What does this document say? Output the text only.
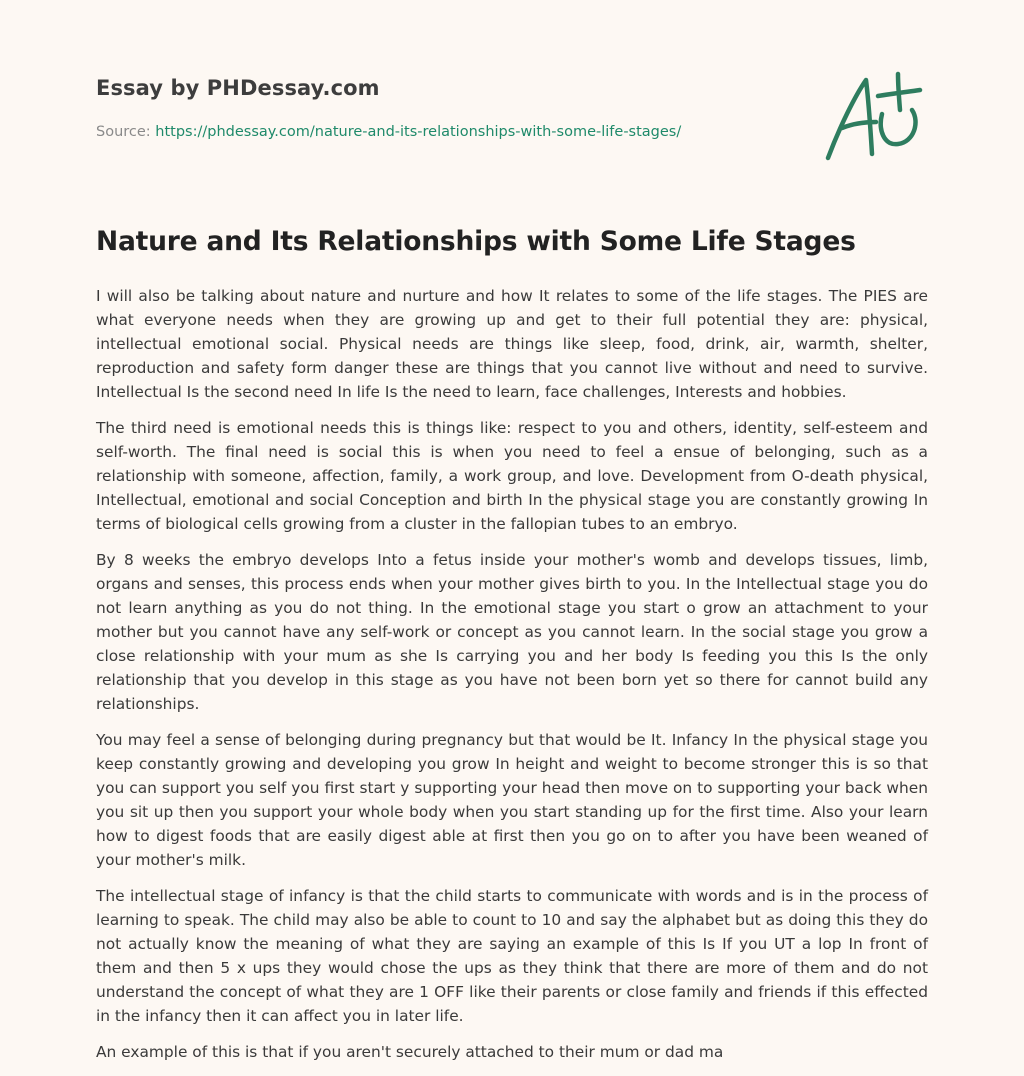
Essay by PHDessay.com
Source: https://phdessay.com/nature-and-its-relationships-with-some-life-stages/
Nature and Its Relationships with Some Life Stages

I will also be talking about nature and nurture and how It relates to some of the life stages. The PIES are what everyone needs when they are growing up and get to their full potential they are: physical, intellectual emotional social. Physical needs are things like sleep, food, drink, air, warmth, shelter, reproduction and safety form danger these are things that you cannot live without and need to survive. Intellectual Is the second need In life Is the need to learn, face challenges, Interests and hobbies.

The third need is emotional needs this is things like: respect to you and others, identity, self-esteem and self-worth. The final need is social this is when you need to feel a ensue of belonging, such as a relationship with someone, affection, family, a work group, and love. Development from O-death physical, Intellectual, emotional and social Conception and birth In the physical stage you are constantly growing In terms of biological cells growing from a cluster in the fallopian tubes to an embryo.

By 8 weeks the embryo develops Into a fetus inside your mother's womb and develops tissues, limb, organs and senses, this process ends when your mother gives birth to you. In the Intellectual stage you do not learn anything as you do not thing. In the emotional stage you start o grow an attachment to your mother but you cannot have any self-work or concept as you cannot learn. In the social stage you grow a close relationship with your mum as she Is carrying you and her body Is feeding you this Is the only relationship that you develop in this stage as you have not been born yet so there for cannot build any relationships.

You may feel a sense of belonging during pregnancy but that would be It. Infancy In the physical stage you keep constantly growing and developing you grow In height and weight to become stronger this is so that you can support you self you first start y supporting your head then move on to supporting your back when you sit up then you support your whole body when you start standing up for the first time. Also your learn how to digest foods that are easily digest able at first then you go on to after you have been weaned of your mother's milk.

The intellectual stage of infancy is that the child starts to communicate with words and is in the process of learning to speak. The child may also be able to count to 10 and say the alphabet but as doing this they do not actually know the meaning of what they are saying an example of this Is If you UT a lop In front of them and then 5 x ups they would chose the ups as they think that there are more of them and do not understand the concept of what they are 1 OFF like their parents or close family and friends if this effected in the infancy then it can affect you in later life.

An example of this is that if you aren't securely attached to their mum or dad ma
